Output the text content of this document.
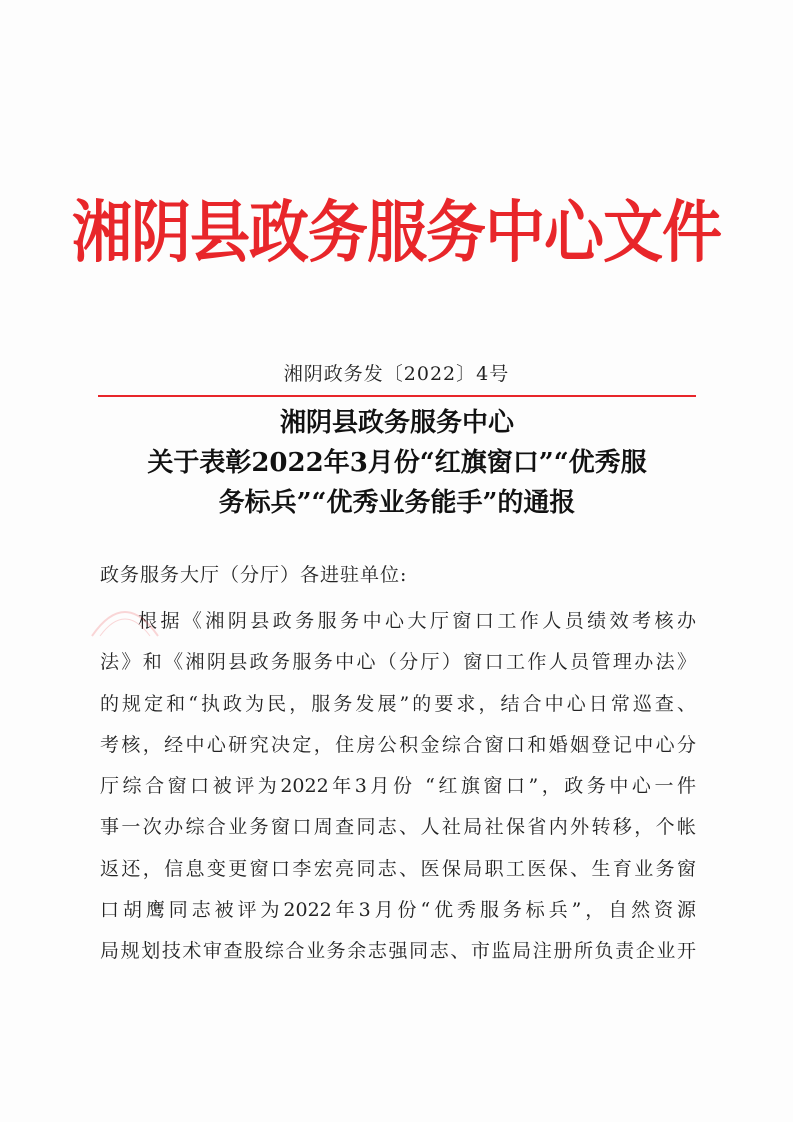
湘阴县政务服务中心文件
湘阴政务发〔2022〕4号
湘阴县政务服务中心
关于表彰2022年3月份“红旗窗口”“优秀服
务标兵”“优秀业务能手”的通报
政务服务大厅（分厅）各进驻单位:
根据《湘阴县政务服务中心大厅窗口工作人员绩效考核办
法》和《湘阴县政务服务中心（分厅）窗口工作人员管理办法》
的规定和“执政为民，服务发展”的要求，结合中心日常巡查、
考核，经中心研究决定，住房公积金综合窗口和婚姻登记中心分
厅综合窗口被评为2022年3月份 “红旗窗口”，政务中心一件
事一次办综合业务窗口周查同志、人社局社保省内外转移，个帐
返还，信息变更窗口李宏亮同志、医保局职工医保、生育业务窗
口胡鹰同志被评为2022年3月份“优秀服务标兵”，自然资源
局规划技术审查股综合业务余志强同志、市监局注册所负责企业开
